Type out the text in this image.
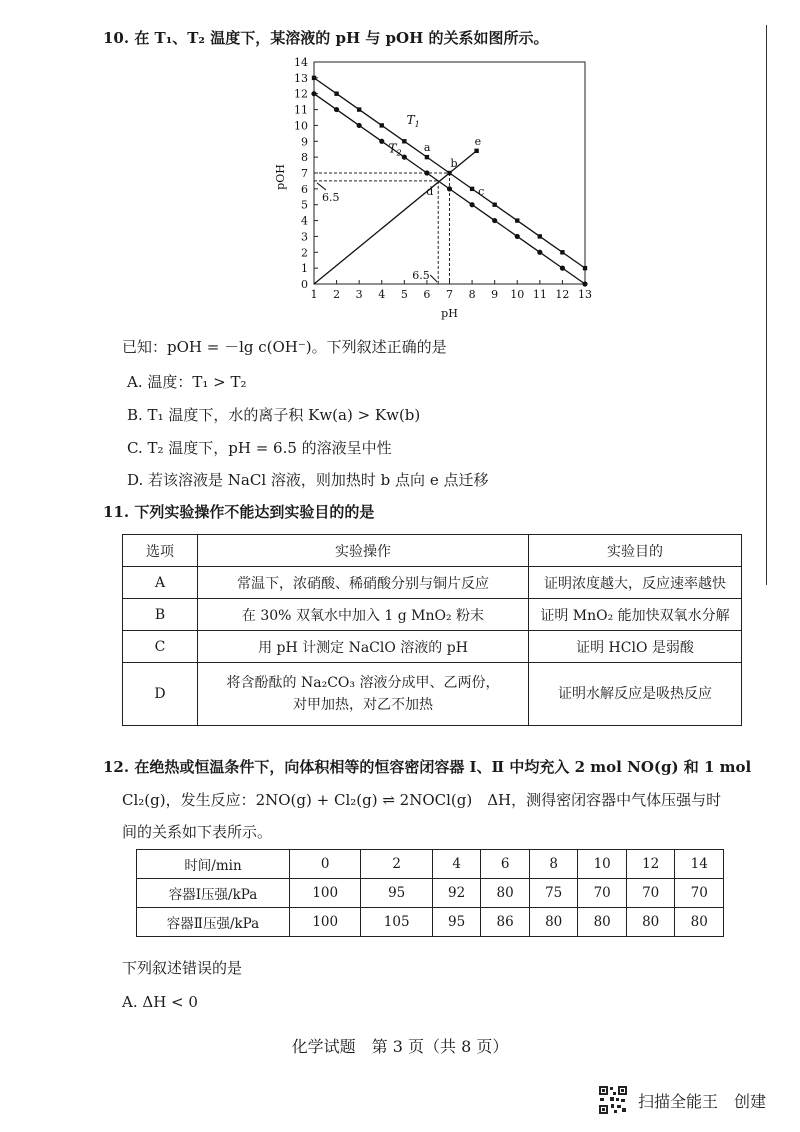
10. 在 T₁、T₂ 温度下，某溶液的 pH 与 pOH 的关系如图所示。
1 2 3 4 5 6 7 8 9 10 11 12 13
0
1
2
3
4
5
6
7
8
9
10
11
12
13
14
pH
pOH
$T_1$
$T_2$ a
b
c
d
e
6.5
6.5
已知：pOH = －lg c(OH⁻)。下列叙述正确的是
A. 温度：T₁ > T₂
B. T₁ 温度下，水的离子积 Kw(a) > Kw(b)
C. T₂ 温度下，pH = 6.5 的溶液呈中性
D. 若该溶液是 NaCl 溶液，则加热时 b 点向 e 点迁移
11. 下列实验操作不能达到实验目的的是
选项	实验操作	实验目的
A	常温下，浓硝酸、稀硝酸分别与铜片反应	证明浓度越大，反应速率越快
B	在 30% 双氧水中加入 1 g MnO₂ 粉末	证明 MnO₂ 能加快双氧水分解
C	用 pH 计测定 NaClO 溶液的 pH	证明 HClO 是弱酸
D	将含酚酞的 Na₂CO₃ 溶液分成甲、乙两份，
对甲加热，对乙不加热	证明水解反应是吸热反应
12. 在绝热或恒温条件下，向体积相等的恒容密闭容器 Ⅰ、Ⅱ 中均充入 2 mol NO(g) 和 1 mol
Cl₂(g)，发生反应：2NO(g) + Cl₂(g) ⇌ 2NOCl(g)　ΔH，测得密闭容器中气体压强与时
间的关系如下表所示。
时间/min	0	2	4	6	8	10	12	14
容器Ⅰ压强/kPa	100	95	92	80	75	70	70	70
容器Ⅱ压强/kPa	100	105	95	86	80	80	80	80
下列叙述错误的是
A. ΔH < 0
化学试题　第 3 页（共 8 页）
扫描全能王　创建
